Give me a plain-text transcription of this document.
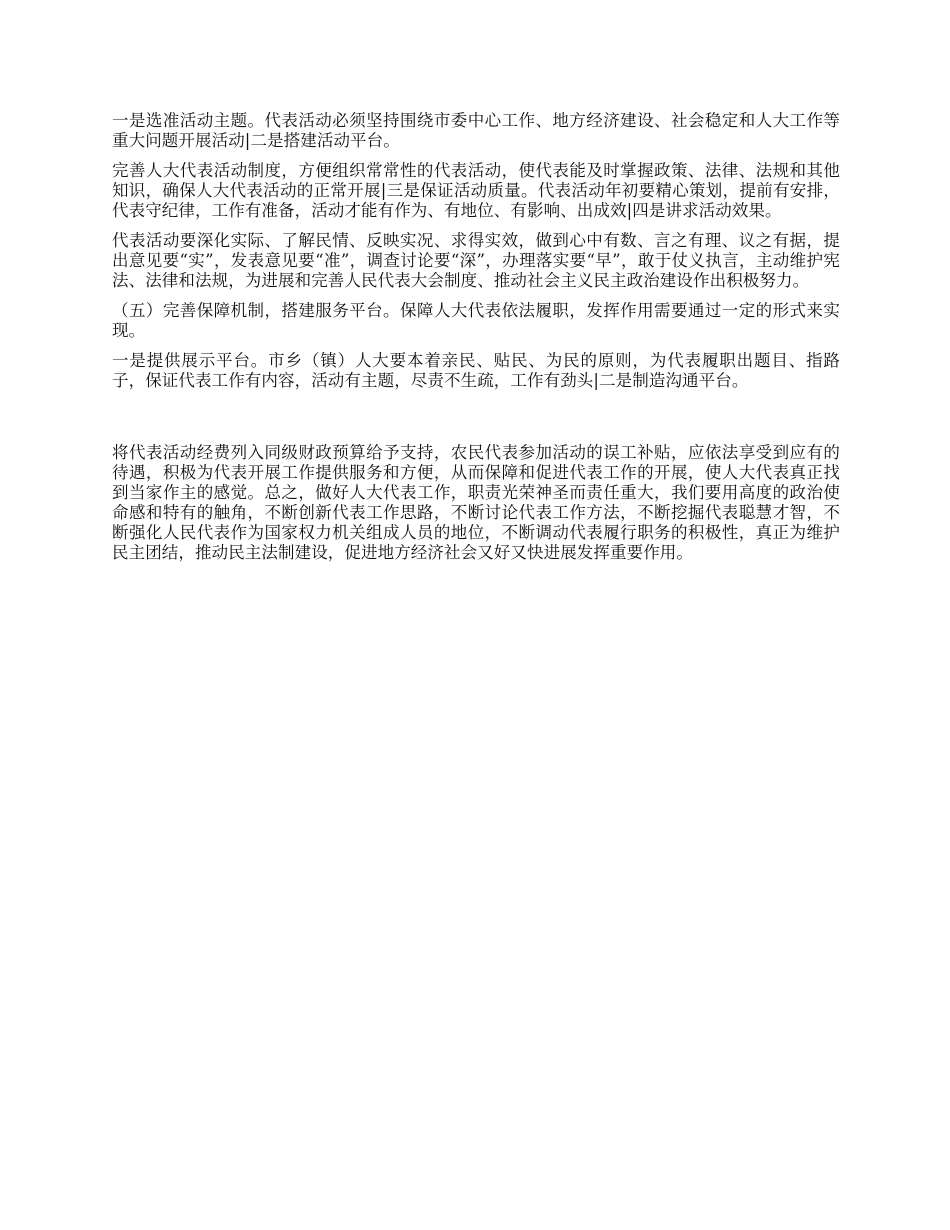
一是选准活动主题。代表活动必须坚持围绕市委中心工作、地方经济建设、社会稳定和人大工作等重大问题开展活动|二是搭建活动平台。

完善人大代表活动制度，方便组织常常性的代表活动，使代表能及时掌握政策、法律、法规和其他知识，确保人大代表活动的正常开展|三是保证活动质量。代表活动年初要精心策划，提前有安排，代表守纪律，工作有准备，活动才能有作为、有地位、有影响、出成效|四是讲求活动效果。

代表活动要深化实际、了解民情、反映实况、求得实效，做到心中有数、言之有理、议之有据，提出意见要“实”，发表意见要“准”，调查讨论要“深”，办理落实要“早”，敢于仗义执言，主动维护宪法、法律和法规，为进展和完善人民代表大会制度、推动社会主义民主政治建设作出积极努力。

（五）完善保障机制，搭建服务平台。保障人大代表依法履职，发挥作用需要通过一定的形式来实现。

一是提供展示平台。市乡（镇）人大要本着亲民、贴民、为民的原则，为代表履职出题目、指路子，保证代表工作有内容，活动有主题，尽责不生疏，工作有劲头|二是制造沟通平台。

将代表活动经费列入同级财政预算给予支持，农民代表参加活动的误工补贴，应依法享受到应有的待遇，积极为代表开展工作提供服务和方便，从而保障和促进代表工作的开展，使人大代表真正找到当家作主的感觉。总之，做好人大代表工作，职责光荣神圣而责任重大，我们要用高度的政治使命感和特有的触角，不断创新代表工作思路，不断讨论代表工作方法，不断挖掘代表聪慧才智，不断强化人民代表作为国家权力机关组成人员的地位，不断调动代表履行职务的积极性，真正为维护民主团结，推动民主法制建设，促进地方经济社会又好又快进展发挥重要作用。
